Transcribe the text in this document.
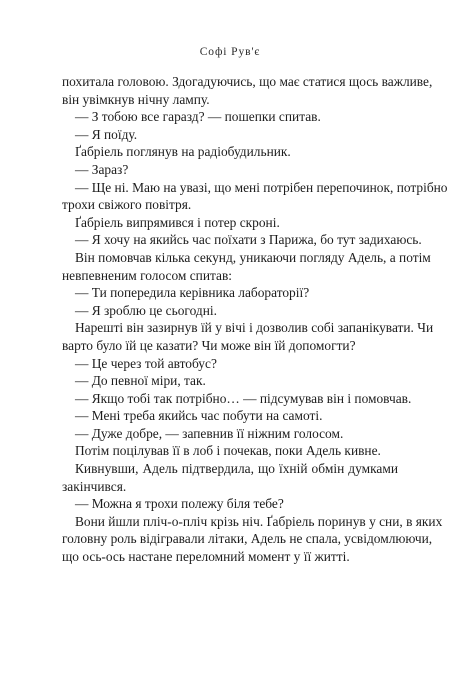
Софі Рув'є
похитала головою. Здогадуючись, що має статися щось важливе,
він увімкнув нічну лампу.
— З тобою все гаразд? — пошепки спитав.
— Я поїду.
Ґабріель поглянув на радіобудильник.
— Зараз?
— Ще ні. Маю на увазі, що мені потрібен перепочинок, потрібно
трохи свіжого повітря.
Ґабріель випрямився і потер скроні.
— Я хочу на якийсь час поїхати з Парижа, бо тут задихаюсь.
Він помовчав кілька секунд, уникаючи погляду Адель, а потім
невпевненим голосом спитав:
— Ти попередила керівника лабораторії?
— Я зроблю це сьогодні.
Нарешті він зазирнув їй у вічі і дозволив собі запанікувати. Чи
варто було їй це казати? Чи може він їй допомогти?
— Це через той автобус?
— До певної міри, так.
— Якщо тобі так потрібно… — підсумував він і помовчав.
— Мені треба якийсь час побути на самоті.
— Дуже добре, — запевнив її ніжним голосом.
Потім поцілував її в лоб і почекав, поки Адель кивне.
Кивнувши, Адель підтвердила, що їхній обмін думками
закінчився.
— Можна я трохи полежу біля тебе?
Вони йшли пліч-о-пліч крізь ніч. Ґабріель поринув у сни, в яких
головну роль відігравали літаки, Адель не спала, усвідомлюючи,
що ось-ось настане переломний момент у її житті.
